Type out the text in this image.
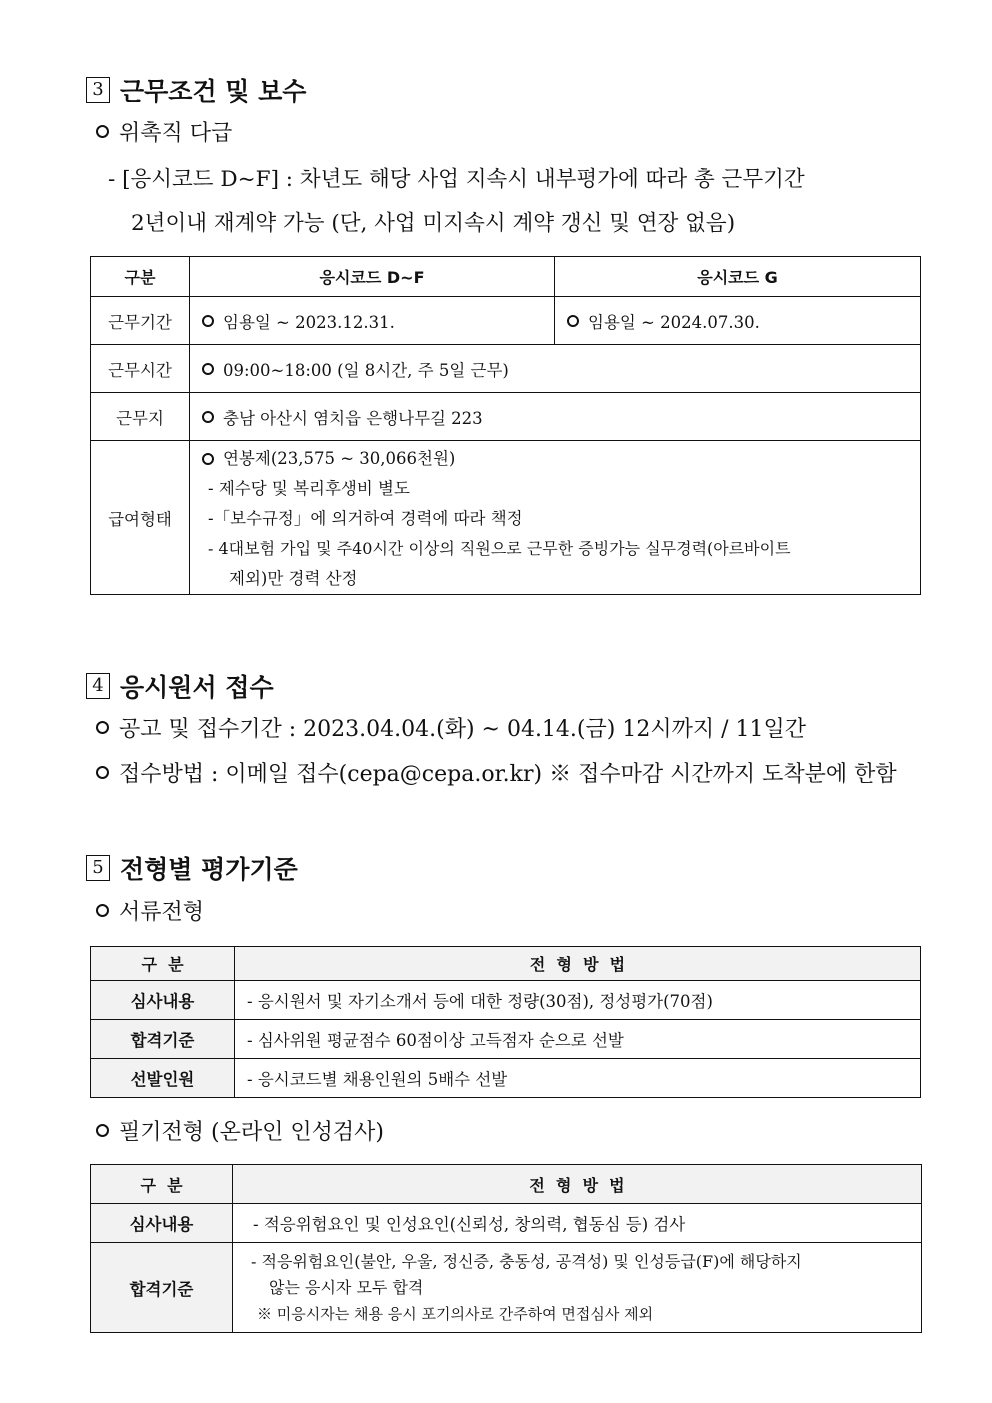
3 근무조건 및 보수
위촉직 다급
- [응시코드 D~F] : 차년도 해당 사업 지속시 내부평가에 따라 총 근무기간
2년이내 재계약 가능 (단, 사업 미지속시 계약 갱신 및 연장 없음)
구분	응시코드 D~F	응시코드 G
근무기간	임용일 ~ 2023.12.31.	임용일 ~ 2024.07.30.

근무시간	09:00~18:00 (일 8시간, 주 5일 근무)	

근무지	충남 아산시 염치읍 은행나무길 223	

급여형태	연봉제(23,575 ~ 30,066천원)
- 제수당 및 복리후생비 별도
-「보수규정」에 의거하여 경력에 따라 책정
- 4대보험 가입 및 주40시간 이상의 직원으로 근무한 증빙가능 실무경력(아르바이트
제외)만 경력 산정	
4 응시원서 접수
공고 및 접수기간 : 2023.04.04.(화) ~ 04.14.(금) 12시까지 / 11일간
접수방법 : 이메일 접수(cepa@cepa.or.kr) ※ 접수마감 시간까지 도착분에 한함
5 전형별 평가기준
서류전형
구  분	전  형  방  법
심사내용	- 응시원서 및 자기소개서 등에 대한 정량(30점), 정성평가(70점)
합격기준	- 심사위원 평균점수 60점이상 고득점자 순으로 선발
선발인원	- 응시코드별 채용인원의 5배수 선발
필기전형 (온라인 인성검사)
구  분	전  형  방  법
심사내용	- 적응위험요인 및 인성요인(신뢰성, 창의력, 협동심 등) 검사
합격기준	- 적응위험요인(불안, 우울, 정신증, 충동성, 공격성) 및 인성등급(F)에 해당하지
않는 응시자 모두 합격
※ 미응시자는 채용 응시 포기의사로 간주하여 면접심사 제외
